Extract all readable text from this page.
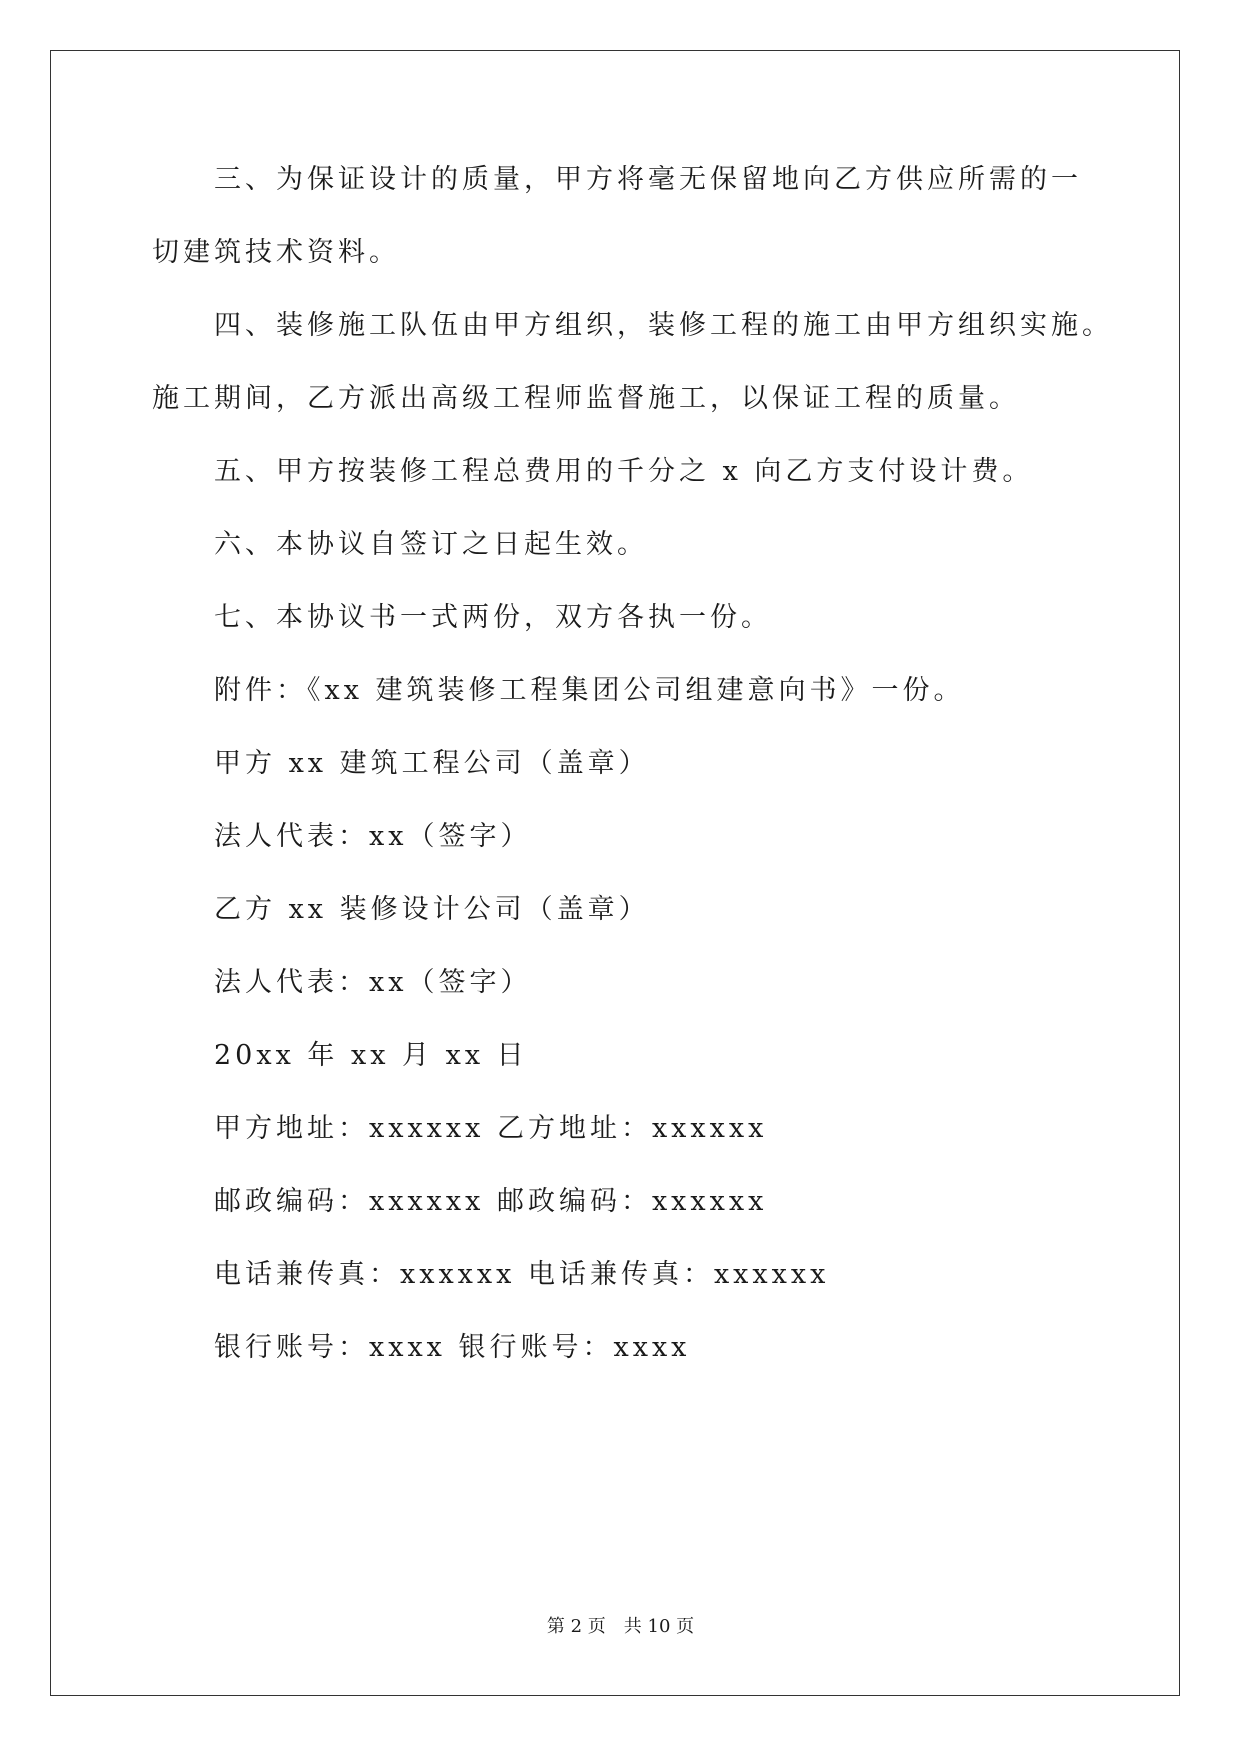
三、为保证设计的质量，甲方将毫无保留地向乙方供应所需的一
切建筑技术资料。
四、装修施工队伍由甲方组织，装修工程的施工由甲方组织实施。
施工期间，乙方派出高级工程师监督施工，以保证工程的质量。
五、甲方按装修工程总费用的千分之 x 向乙方支付设计费。
六、本协议自签订之日起生效。
七、本协议书一式两份，双方各执一份。
附件：《xx 建筑装修工程集团公司组建意向书》一份。
甲方 xx 建筑工程公司（盖章）
法人代表：xx（签字）
乙方 xx 装修设计公司（盖章）
法人代表：xx（签字）
20xx 年 xx 月 xx 日
甲方地址：xxxxxx 乙方地址：xxxxxx
邮政编码：xxxxxx 邮政编码：xxxxxx
电话兼传真：xxxxxx 电话兼传真：xxxxxx
银行账号：xxxx 银行账号：xxxx
第 2 页　共 10 页
